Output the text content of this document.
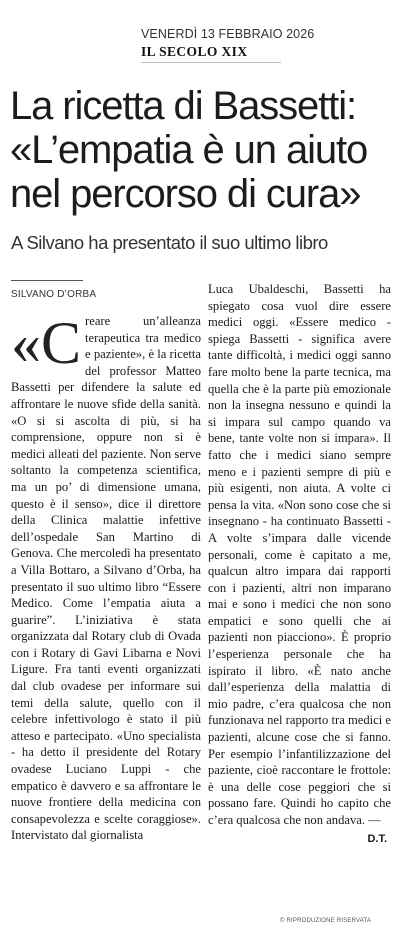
VENERDÌ 13 FEBBRAIO 2026
IL SECOLO XIX
La ricetta di Bassetti:
«L’empatia è un aiuto
nel percorso di cura»
A Silvano ha presentato il suo ultimo libro
SILVANO D’ORBA

«Creare un’alleanza terapeutica tra medico e paziente», è la ricetta del professor Matteo Bassetti per difendere la salute ed affrontare le nuove sfide della sanità. «O si si ascolta di più, si ha comprensione, oppure non si è medici alleati del paziente. Non serve soltanto la competenza scientifica, ma un po’ di dimensione umana, questo è il senso», dice il direttore della Clinica malattie infettive dell’ospedale San Martino di Genova. Che mercoledì ha presentato a Villa Bottaro, a Silvano d’Orba, ha presentato il suo ultimo libro “Essere Medico. Come l’empatia aiuta a guarire”. L’iniziativa è stata organizzata dal Rotary club di Ovada con i Rotary di Gavi Libarna e Novi Ligure. Fra tanti eventi organizzati dal club ovadese per informare sui temi della salute, quello con il celebre infettivologo è stato il più atteso e partecipato. «Uno specialista - ha detto il presidente del Rotary ovadese Luciano Luppi - che empatico è davvero e sa affrontare le nuove frontiere della medicina con consapevolezza e scelte coraggiose». Intervistato dal giornalista

Luca Ubaldeschi, Bassetti ha spiegato cosa vuol dire essere medici oggi. «Essere medico - spiega Bassetti - significa avere tante difficoltà, i medici oggi sanno fare molto bene la parte tecnica, ma quella che è la parte più emozionale non la insegna nessuno e quindi la si impara sul campo quando va bene, tante volte non si impara». Il fatto che i medici siano sempre meno e i pazienti sempre di più e più esigenti, non aiuta. A volte ci pensa la vita. «Non sono cose che si insegnano - ha continuato Bassetti - A volte s’impara dalle vicende personali, come è capitato a me, qualcun altro impara dai rapporti con i pazienti, altri non imparano mai e sono i medici che non sono empatici e sono quelli che ai pazienti non piacciono». È proprio l’esperienza personale che ha ispirato il libro. «È nato anche dall’esperienza della malattia di mio padre, c’era qualcosa che non funzionava nel rapporto tra medici e pazienti, alcune cose che si fanno. Per esempio l’infantilizzazione del paziente, cioè raccontare le frottole: è una delle cose peggiori che si possano fare. Quindi ho capito che c’era qualcosa che non andava. —

D.T.
© RIPRODUZIONE RISERVATA
